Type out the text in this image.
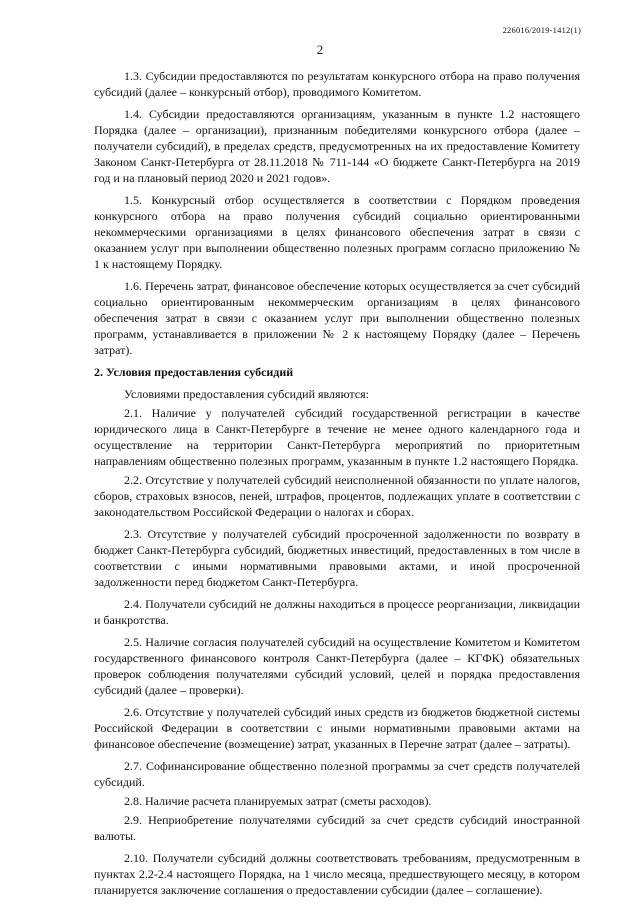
226016/2019-1412(1)
2

1.3. Субсидии предоставляются по результатам конкурсного отбора на право получения субсидий (далее – конкурсный отбор), проводимого Комитетом.

1.4. Субсидии предоставляются организациям, указанным в пункте 1.2 настоящего Порядка (далее – организации), признанным победителями конкурсного отбора (далее – получатели субсидий), в пределах средств, предусмотренных на их предоставление Комитету Законом Санкт-Петербурга от 28.11.2018 № 711-144 «О бюджете Санкт-Петербурга на 2019 год и на плановый период 2020 и 2021 годов».

1.5. Конкурсный отбор осуществляется в соответствии с Порядком проведения конкурсного отбора на право получения субсидий социально ориентированными некоммерческими организациями в целях финансового обеспечения затрат в связи с оказанием услуг при выполнении общественно полезных программ согласно приложению № 1 к настоящему Порядку.

1.6. Перечень затрат, финансовое обеспечение которых осуществляется за счет субсидий социально ориентированным некоммерческим организациям в целях финансового обеспечения затрат в связи с оказанием услуг при выполнении общественно полезных программ, устанавливается в приложении № 2 к настоящему Порядку (далее – Перечень затрат).

2. Условия предоставления субсидий

Условиями предоставления субсидий являются:

2.1. Наличие у получателей субсидий государственной регистрации в качестве юридического лица в Санкт-Петербурге в течение не менее одного календарного года и осуществление на территории Санкт-Петербурга мероприятий по приоритетным направлениям общественно полезных программ, указанным в пункте 1.2 настоящего Порядка.

2.2. Отсутствие у получателей субсидий неисполненной обязанности по уплате налогов, сборов, страховых взносов, пеней, штрафов, процентов, подлежащих уплате в соответствии с законодательством Российской Федерации о налогах и сборах.

2.3. Отсутствие у получателей субсидий просроченной задолженности по возврату в бюджет Санкт-Петербурга субсидий, бюджетных инвестиций, предоставленных в том числе в соответствии с иными нормативными правовыми актами, и иной просроченной задолженности перед бюджетом Санкт-Петербурга.

2.4. Получатели субсидий не должны находиться в процессе реорганизации, ликвидации и банкротства.

2.5. Наличие согласия получателей субсидий на осуществление Комитетом и Комитетом государственного финансового контроля Санкт-Петербурга (далее – КГФК) обязательных проверок соблюдения получателями субсидий условий, целей и порядка предоставления субсидий (далее – проверки).

2.6. Отсутствие у получателей субсидий иных средств из бюджетов бюджетной системы Российской Федерации в соответствии с иными нормативными правовыми актами на финансовое обеспечение (возмещение) затрат, указанных в Перечне затрат (далее – затраты).

2.7. Софинансирование общественно полезной программы за счет средств получателей субсидий.

2.8. Наличие расчета планируемых затрат (сметы расходов).

2.9. Неприобретение получателями субсидий за счет средств субсидий иностранной валюты.

2.10. Получатели субсидий должны соответствовать требованиям, предусмотренным в пунктах 2.2-2.4 настоящего Порядка, на 1 число месяца, предшествующего месяцу, в котором планируется заключение соглашения о предоставлении субсидии (далее – соглашение).
